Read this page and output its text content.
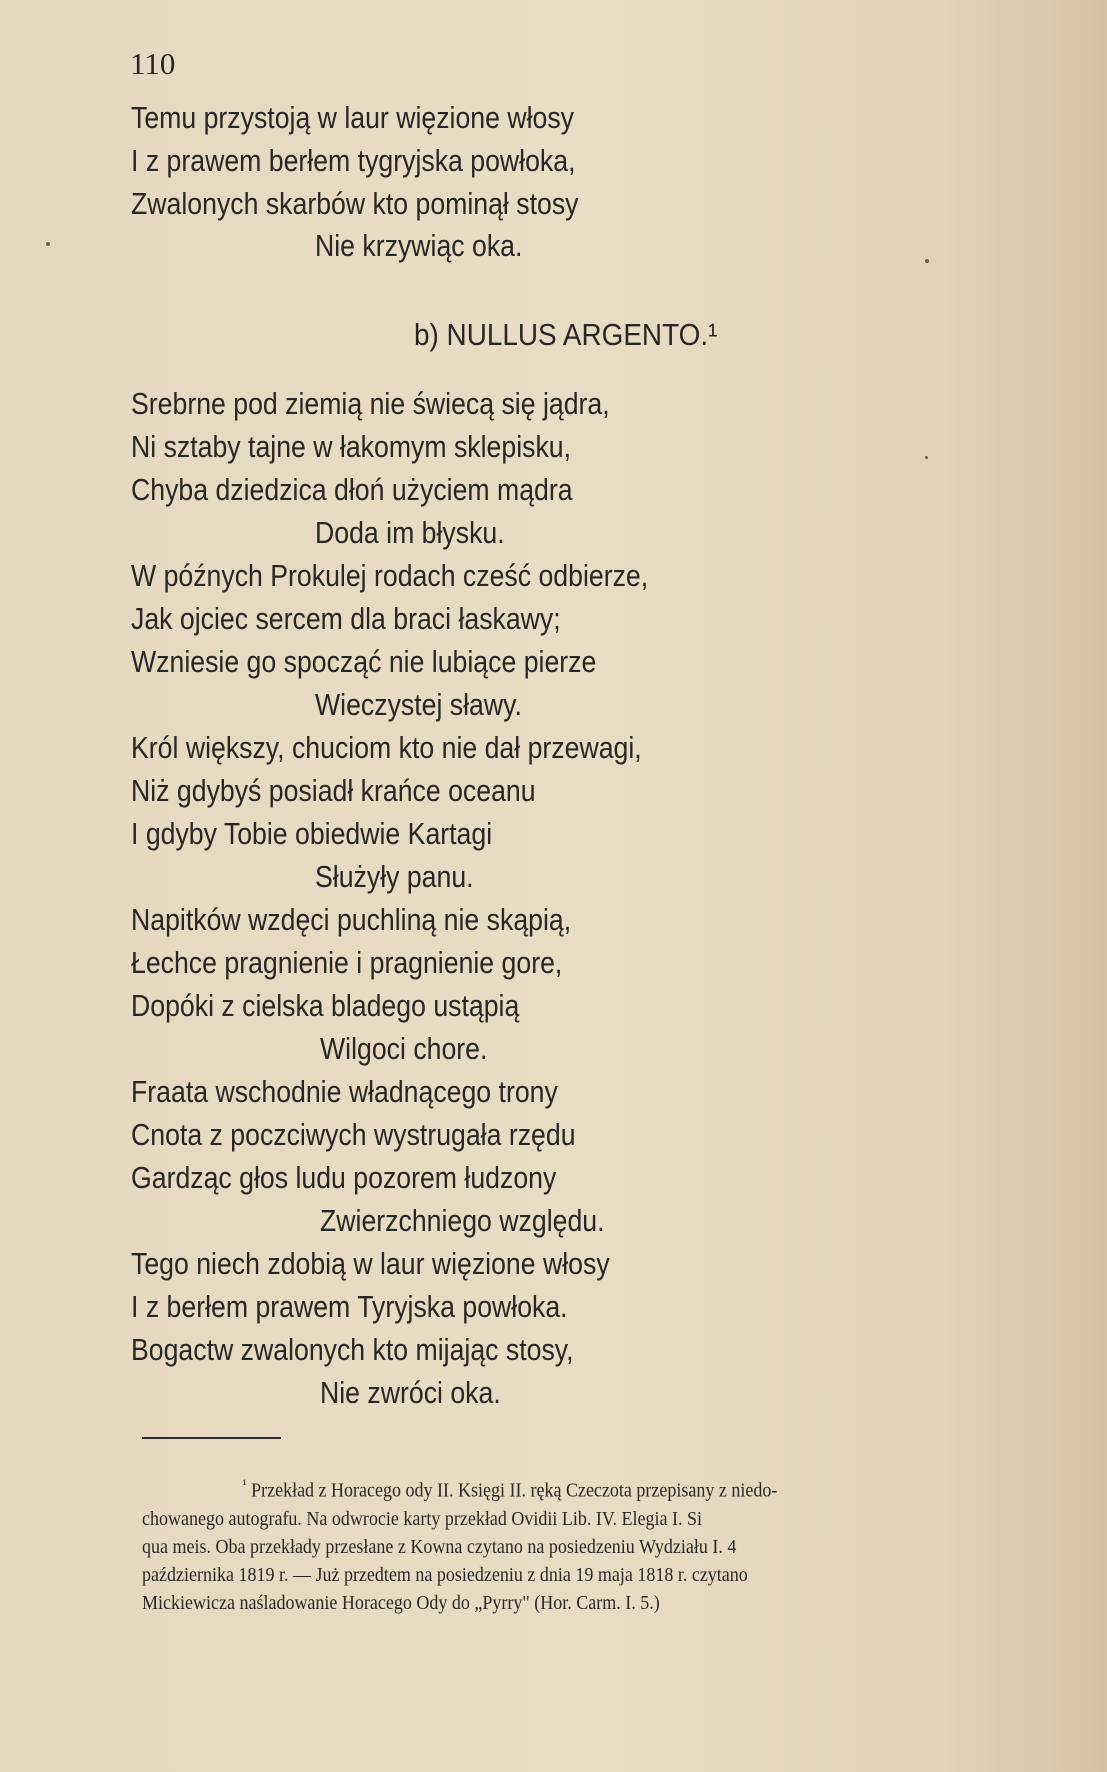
110
Temu przystoją w laur więzione włosy
I z prawem berłem tygryjska powłoka,
Zwalonych skarbów kto pominął stosy
Nie krzywiąc oka.
b) NULLUS ARGENTO.¹
Srebrne pod ziemią nie świecą się jądra,
Ni sztaby tajne w łakomym sklepisku,
Chyba dziedzica dłoń użyciem mądra
Doda im błysku.
W późnych Prokulej rodach cześć odbierze,
Jak ojciec sercem dla braci łaskawy;
Wzniesie go spocząć nie lubiące pierze
Wieczystej sławy.
Król większy, chuciom kto nie dał przewagi,
Niż gdybyś posiadł krańce oceanu
I gdyby Tobie obiedwie Kartagi
Służyły panu.
Napitków wzdęci puchliną nie skąpią,
Łechce pragnienie i pragnienie gore,
Dopóki z cielska bladego ustąpią
Wilgoci chore.
Fraata wschodnie władnącego trony
Cnota z poczciwych wystrugała rzędu
Gardząc głos ludu pozorem łudzony
Zwierzchniego względu.
Tego niech zdobią w laur więzione włosy
I z berłem prawem Tyryjska powłoka.
Bogactw zwalonych kto mijając stosy,
Nie zwróci oka.
$^{^1}$ Przekład z Horacego ody II. Księgi II. ręką Czeczota przepisany z niedo-
chowanego autografu. Na odwrocie karty przekład Ovidii Lib. IV. Elegia I. Si
qua meis. Oba przekłady przesłane z Kowna czytano na posiedzeniu Wydziału I. 4
października 1819 r. — Już przedtem na posiedzeniu z dnia 19 maja 1818 r. czytano
Mickiewicza naśladowanie Horacego Ody do „Pyrry" (Hor. Carm. I. 5.)
